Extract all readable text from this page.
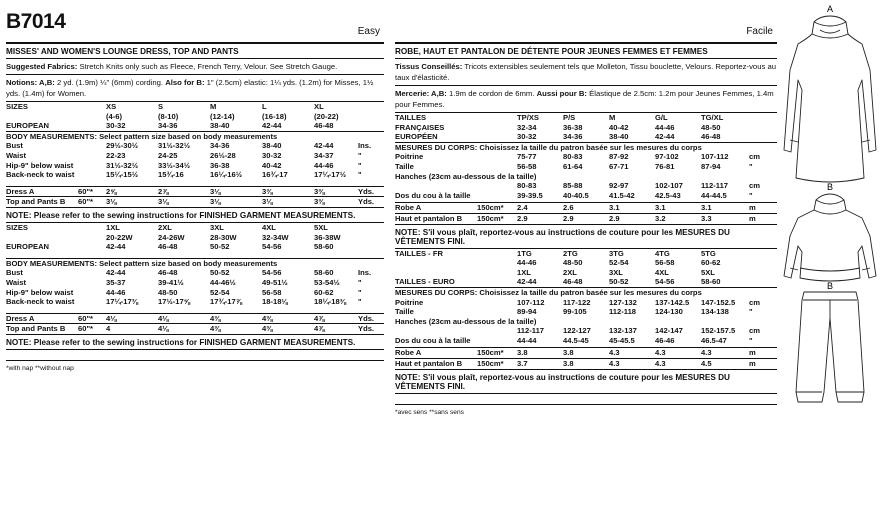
B7014	Easy
MISSES' AND WOMEN'S LOUNGE DRESS, TOP AND PANTS
Suggested Fabrics: Stretch Knits only such as Fleece, French Terry, Velour. See Stretch Gauge.
Notions: A,B: 2 yd. (1.9m) ¼" (6mm) cording. Also for B: 1" (2.5cm) elastic: 1¼ yds. (1.2m) for Misses, 1½ yds. (1.4m) for Women.
SIZES	XS	S	M	L	XL	
	(4-6)	(8-10)	(12-14)	(16-18)	(20-22)	
EUROPEAN	30-32	34-36	38-40	42-44	46-48	
BODY MEASUREMENTS: Select pattern size based on body measurements						
Bust	29½-30½	31½-32½	34-36	38-40	42-44	Ins.
Waist	22-23	24-25	26½-28	30-32	34-37	"
Hip-9" below waist	31½-32½	33½-34½	36-38	40-42	44-46	"
Back-neck to waist	15¼-15½	15¾-16	16¼-16½	16¾-17	17¼-17½	"
Dress A	60"*	2⅝	2⅞	3⅛	3⅜	3⅜	Yds.
Top and Pants B	60"*	3⅛	3⅛	3⅛	3⅛	3⅜	Yds.
NOTE: Please refer to the sewing instructions for FINISHED GARMENT MEASUREMENTS.
SIZES	1XL	2XL	3XL	4XL	5XL	
	20-22W	24-26W	28-30W	32-34W	36-38W	
EUROPEAN	42-44	46-48	50-52	54-56	58-60	

BODY MEASUREMENTS: Select pattern size based on body measurements						
Bust	42-44	46-48	50-52	54-56	58-60	Ins.
Waist	35-37	39-41½	44-46½	49-51½	53-54½	"
Hip-9" below waist	44-46	48-50	52-54	56-58	60-62	"
Back-neck to waist	17¼-17⅜	17½-17⅝	17¾-17⅞	18-18⅛	18¼-18⅜	"
Dress A	60"*	4⅛	4⅛	4⅜	4⅜	4⅞	Yds.
Top and Pants B	60"*	4	4⅛	4⅜	4⅜	4⅞	Yds.
NOTE: Please refer to the sewing instructions for FINISHED GARMENT MEASUREMENTS.
*with nap **without nap
Facile
ROBE, HAUT ET PANTALON DE DÉTENTE POUR JEUNES FEMMES ET FEMMES
Tissus Conseillés: Tricots extensibles seulement tels que Molleton, Tissu bouclette, Velours. Reportez-vous au taux d'élasticité.
Mercerie: A,B: 1.9m de cordon de 6mm. Aussi pour B: Élastique de 2.5cm: 1.2m pour Jeunes Femmes, 1.4m pour Femmes.
TAILLES	TP/XS	P/S	M	G/L	TG/XL	
FRANÇAISES	32-34	36-38	40-42	44-46	48-50	
EUROPÉEN	30-32	34-36	38-40	42-44	46-48	
MESURES DU CORPS: Choisissez la taille du patron basée sur les mesures du corps						
Poitrine	75-77	80-83	87-92	97-102	107-112	cm
Taille	56-58	61-64	67-71	76-81	87-94	"
Hanches (23cm au-dessous de la taille)						
	80-83	85-88	92-97	102-107	112-117	cm
Dos du cou à la taille	39-39.5	40-40.5	41.5-42	42.5-43	44-44.5	"
Robe A	150cm*	2.4	2.6	3.1	3.1	3.1	m
Haut et pantalon B	150cm*	2.9	2.9	2.9	3.2	3.3	m
NOTE: S'il vous plaît, reportez-vous au instructions de couture pour les MESURES DU VÊTEMENTS FINI.
TAILLES - FR	1TG	2TG	3TG	4TG	5TG	
	44-46	48-50	52-54	56-58	60-62	
	1XL	2XL	3XL	4XL	5XL	
TAILLES - EURO	42-44	46-48	50-52	54-56	58-60	
MESURES DU CORPS: Choisissez la taille du patron basée sur les mesures du corps						
Poitrine	107-112	117-122	127-132	137-142.5	147-152.5	cm
Taille	89-94	99-105	112-118	124-130	134-138	"
Hanches (23cm au-dessous de la taille)						
	112-117	122-127	132-137	142-147	152-157.5	cm
Dos du cou à la taille	44-44	44.5-45	45-45.5	46-46	46.5-47	"
Robe A	150cm*	3.8	3.8	4.3	4.3	4.3	m
Haut et pantalon B	150cm*	3.7	3.8	4.3	4.3	4.5	m
NOTE: S'il vous plaît, reportez-vous au instructions de couture pour les MESURES DU VÊTEMENTS FINI.
*avec sens **sans sens
A
B
B
